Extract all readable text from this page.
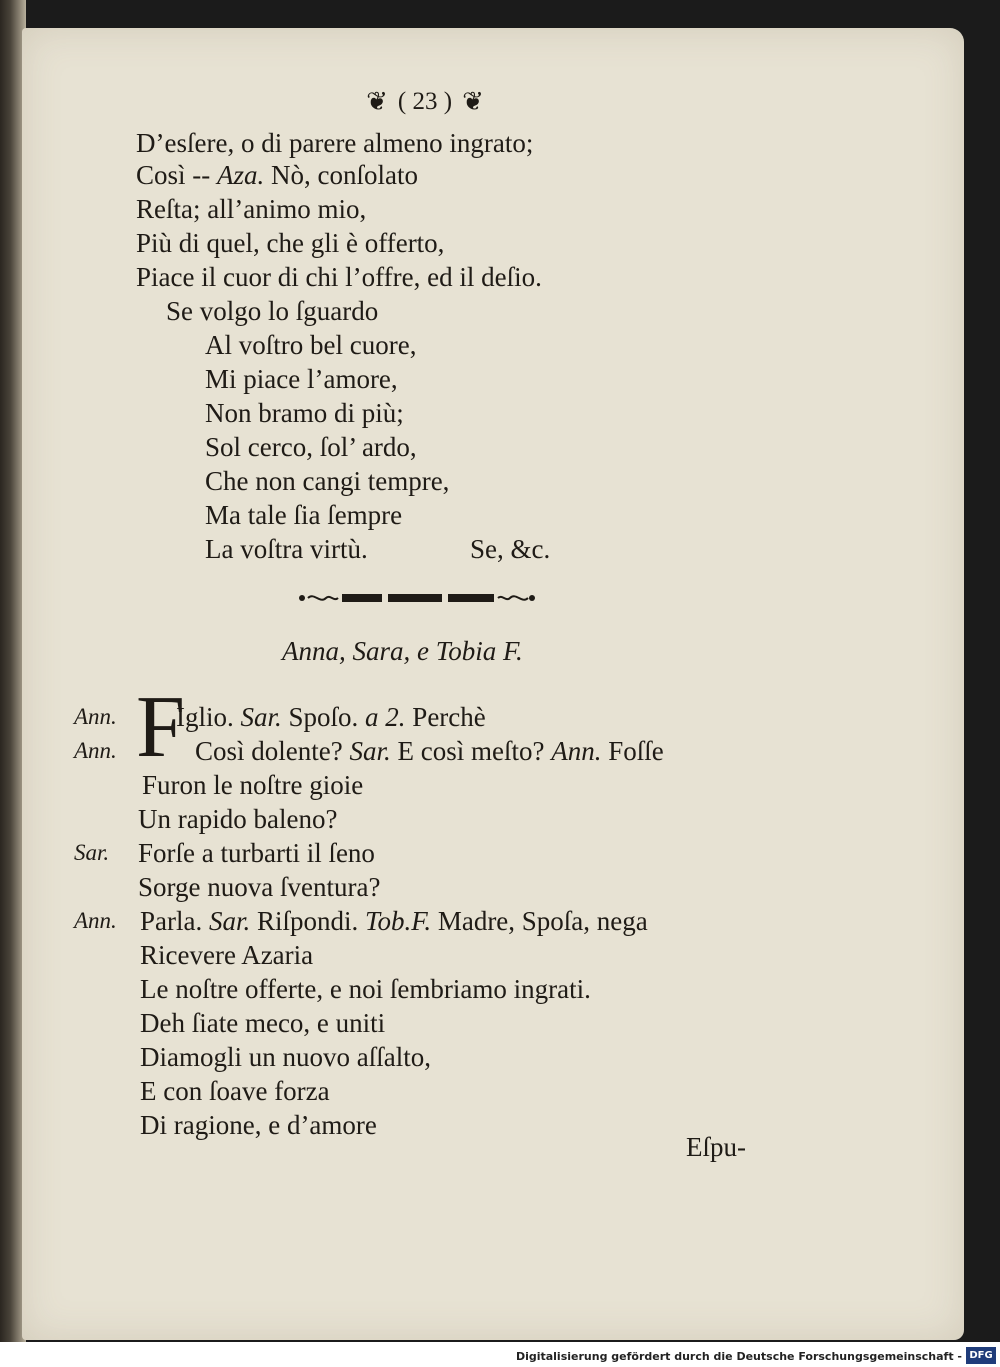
❦ ( 23 ) ❦
D’esſere, o di parere almeno ingrato;
Così -- Aza. Nò, conſolato
Reſta; all’animo mio,
Più di quel, che gli è offerto,
Piace il cuor di chi l’offre, ed il deſio.
Se volgo lo ſguardo
Al voſtro bel cuore,
Mi piace l’amore,
Non bramo di più;
Sol cerco, ſol’ ardo,
Che non cangi tempre,
Ma tale ſia ſempre
La voſtra virtù.	Se, &c.
Anna, Sara, e Tobia F.
Ann. F
Iglio. Sar. Spoſo. a 2. Perchè
Ann.	Così dolente? Sar. E così meſto? Ann. Foſſe
Furon le noſtre gioie
Un rapido baleno?
Sar. Forſe a turbarti il ſeno
Sorge nuova ſventura?
Ann. Parla. Sar. Riſpondi. Tob.F. Madre, Spoſa, nega
Ricevere Azaria
Le noſtre offerte, e noi ſembriamo ingrati.
Deh ſiate meco, e uniti
Diamogli un nuovo aſſalto,
E con ſoave forza
Di ragione, e d’amore
Eſpu-
Digitalisierung gefördert durch die Deutsche Forschungsgemeinschaft - DFG
